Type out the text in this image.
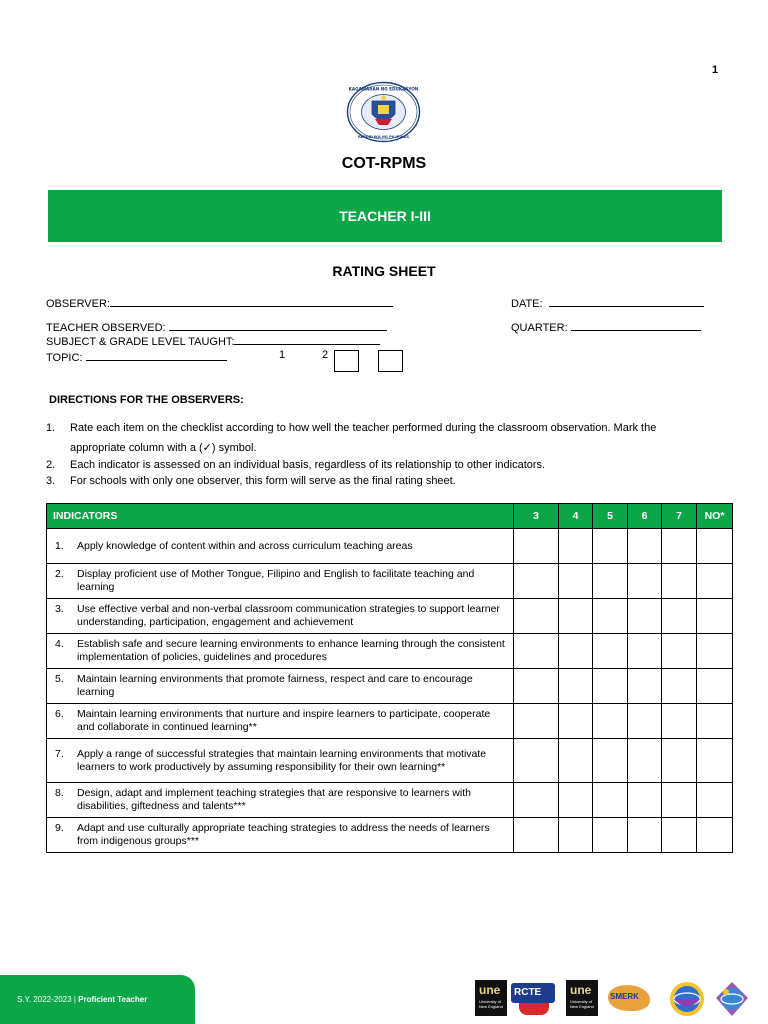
1
KAGAWARAN NG EDUKASYON
REPUBLIKA NG PILIPINAS
COT-RPMS
TEACHER I-III
RATING SHEET
OBSERVER:	DATE:
TEACHER OBSERVED:	QUARTER:
SUBJECT & GRADE LEVEL TAUGHT:
TOPIC:	1	2
DIRECTIONS FOR THE OBSERVERS:
1. Rate each item on the checklist according to how well the teacher performed during the classroom observation. Mark the appropriate column with a (✓) symbol.
2. Each indicator is assessed on an individual basis, regardless of its relationship to other indicators.
3. For schools with only one observer, this form will serve as the final rating sheet.
INDICATORS	3	4	5	6	7	NO*

1. Apply knowledge of content within and across curriculum teaching areas						

2. Display proficient use of Mother Tongue, Filipino and English to facilitate teaching and learning						

3. Use effective verbal and non-verbal classroom communication strategies to support learner understanding, participation, engagement and achievement						

4. Establish safe and secure learning environments to enhance learning through the consistent implementation of policies, guidelines and procedures						

5. Maintain learning environments that promote fairness, respect and care to encourage learning						

6. Maintain learning environments that nurture and inspire learners to participate, cooperate and collaborate in continued learning**						

7. Apply a range of successful strategies that maintain learning environments that motivate learners to work productively by assuming responsibility for their own learning**						

8. Design, adapt and implement teaching strategies that are responsive to learners with disabilities, giftedness and talents***						

9. Adapt and use culturally appropriate teaching strategies to address the needs of learners from indigenous groups***						

S.Y. 2022-2023
|
Proficient Teacher
une
University of New England
RCTE	une
University of New England
SMERK
